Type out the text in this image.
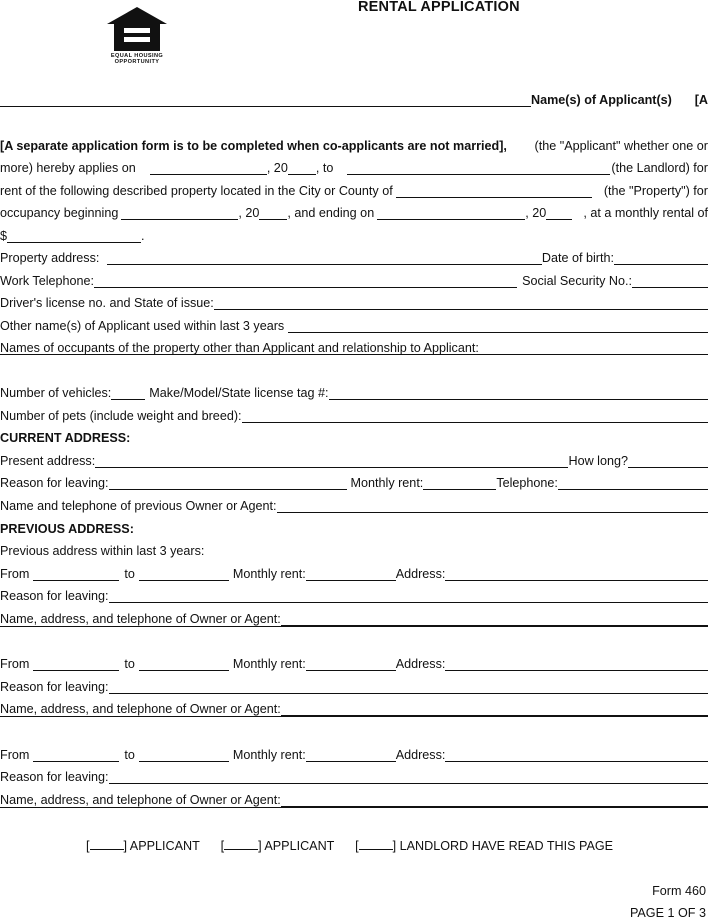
EQUAL HOUSING OPPORTUNITY
RENTAL APPLICATION
Name(s) of Applicant(s) [A
[A separate application form is to be completed when co-applicants are not married], (the "Applicant" whether one or
more) hereby applies on	, 20 , to	(the Landlord) for
rent of the following described property located in the City or County of	(the "Property") for
occupancy beginning	, 20 , and ending on	, 20	, at a monthly rental of
$	.
Property address:	Date of birth:
Work Telephone:	Social Security No.:
Driver's license no. and State of issue:
Other name(s) of Applicant used within last 3 years
Names of occupants of the property other than Applicant and relationship to Applicant:
Number of vehicles:	Make/Model/State license tag #:
Number of pets (include weight and breed):
CURRENT ADDRESS:
Present address:	How long?
Reason for leaving:	Monthly rent:	Telephone:
Name and telephone of previous Owner or Agent:
PREVIOUS ADDRESS:
Previous address within last 3 years:
From	to	Monthly rent:	Address:
Reason for leaving:
Name, address, and telephone of Owner or Agent:
From	to	Monthly rent:	Address:
Reason for leaving:
Name, address, and telephone of Owner or Agent:
From	to	Monthly rent:	Address:
Reason for leaving:
Name, address, and telephone of Owner or Agent:
[	] APPLICANT [	] APPLICANT [	] LANDLORD HAVE READ THIS PAGE
Form 460
PAGE 1 OF 3
